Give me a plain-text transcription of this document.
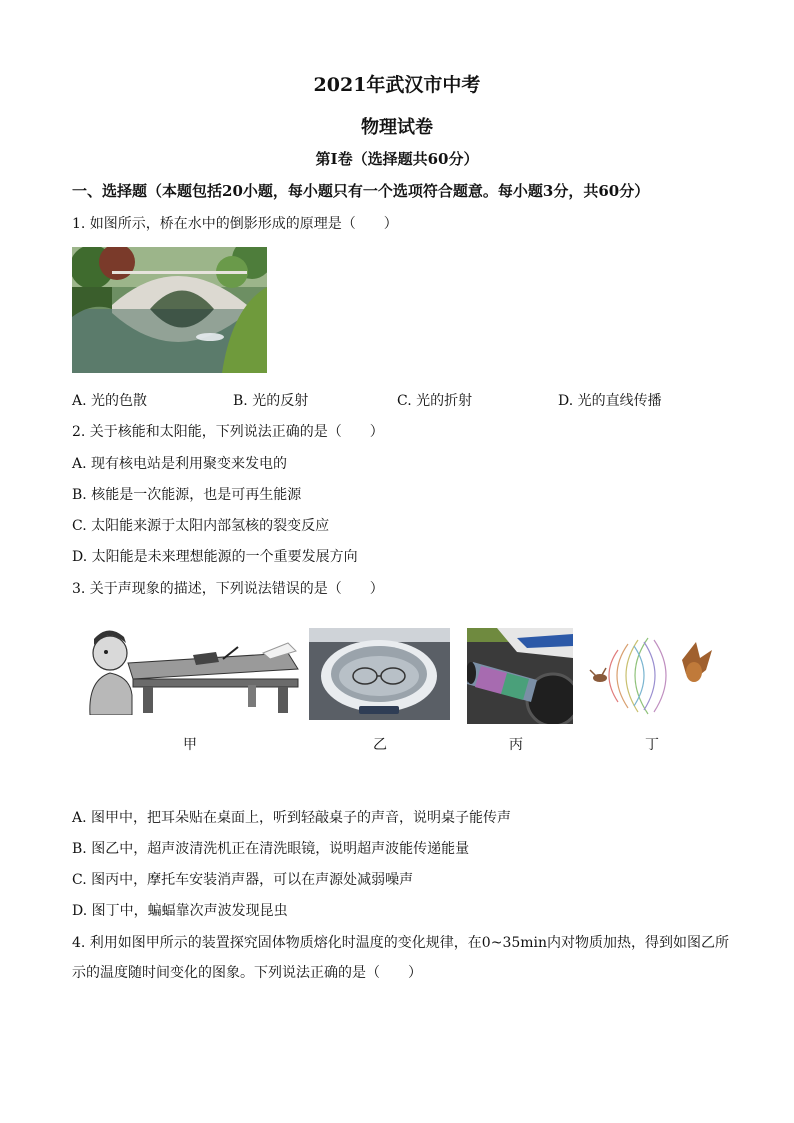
2021年武汉市中考
物理试卷
第I卷（选择题共60分）
一、选择题（本题包括20小题，每小题只有一个选项符合题意。每小题3分，共60分）
1. 如图所示，桥在水中的倒影形成的原理是（　　）
A. 光的色散	B. 光的反射	C. 光的折射	D. 光的直线传播
2. 关于核能和太阳能，下列说法正确的是（　　）
A. 现有核电站是利用聚变来发电的
B. 核能是一次能源，也是可再生能源
C. 太阳能来源于太阳内部氢核的裂变反应
D. 太阳能是未来理想能源的一个重要发展方向
3. 关于声现象的描述，下列说法错误的是（　　）
甲	乙	丙	丁
A. 图甲中，把耳朵贴在桌面上，听到轻敲桌子的声音，说明桌子能传声
B. 图乙中，超声波清洗机正在清洗眼镜，说明超声波能传递能量
C. 图丙中，摩托车安装消声器，可以在声源处减弱噪声
D. 图丁中，蝙蝠靠次声波发现昆虫
4. 利用如图甲所示的装置探究固体物质熔化时温度的变化规律，在0~35min内对物质加热，得到如图乙所
示的温度随时间变化的图象。下列说法正确的是（　　）
